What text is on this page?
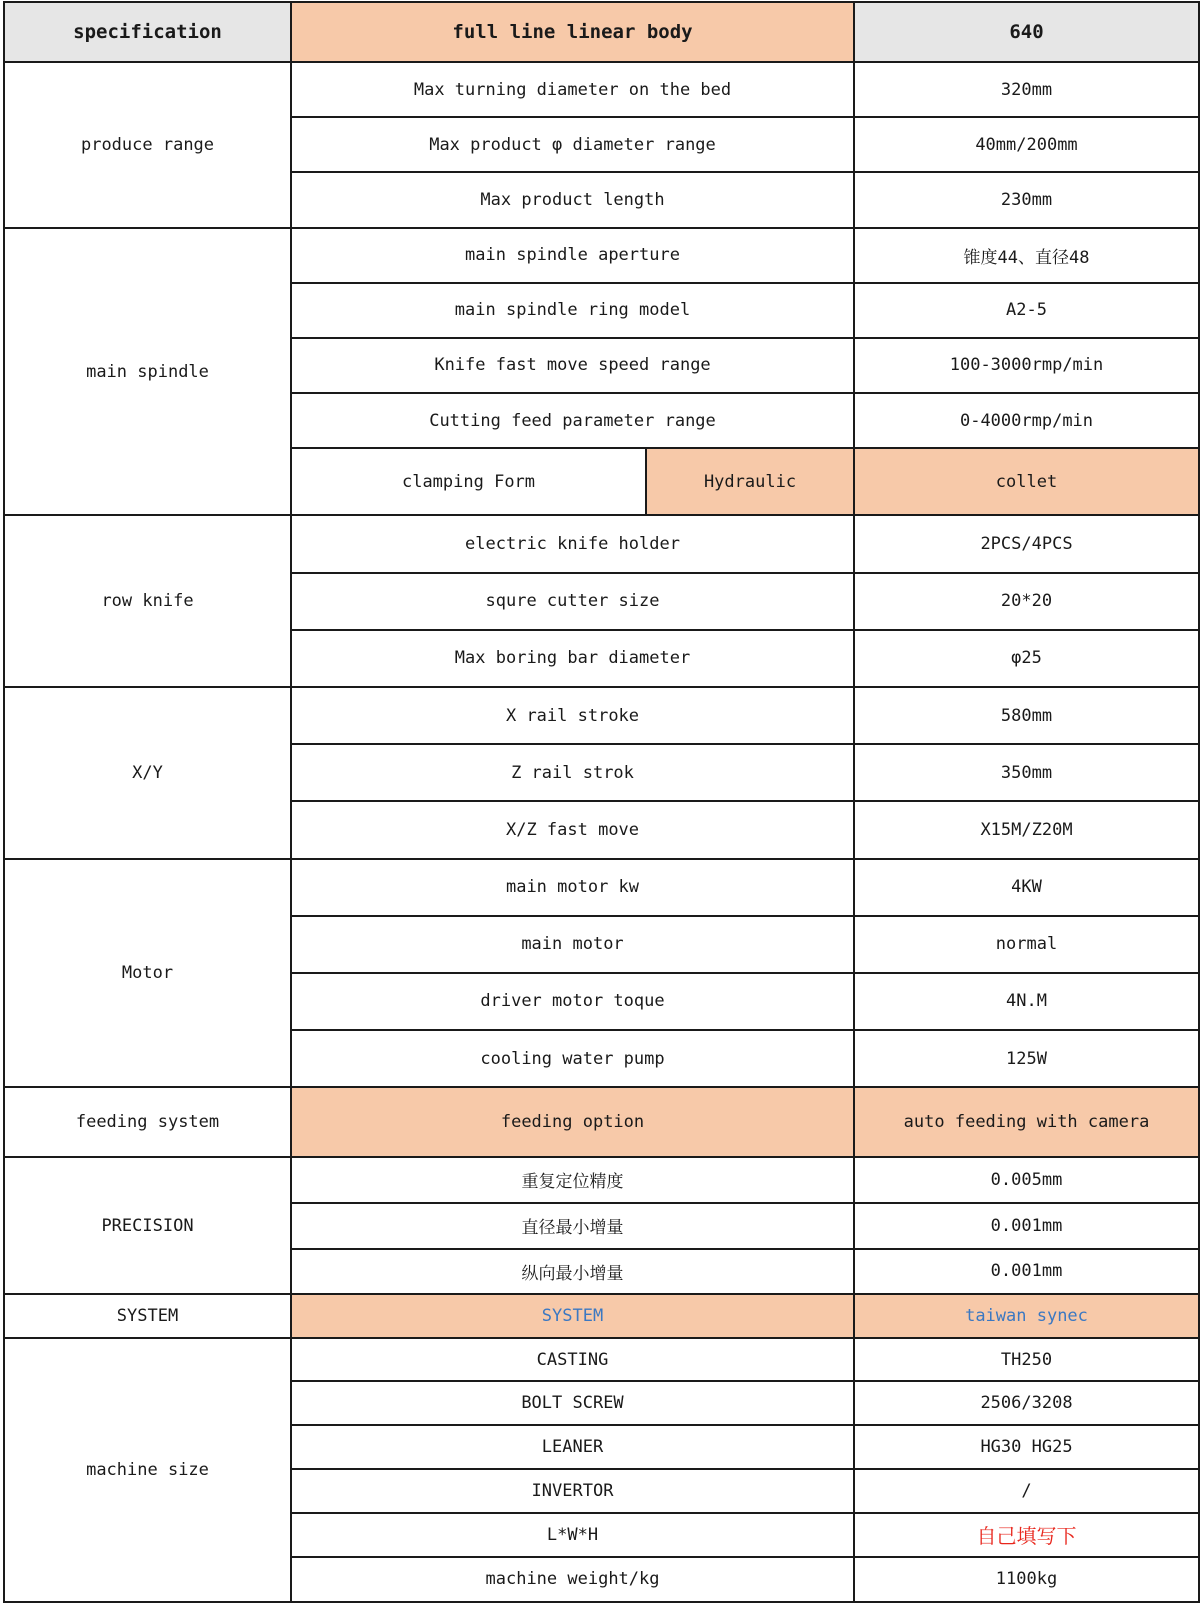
specification	full line linear body		640
produce range	Max turning diameter on the bed		320mm
	Max product φ diameter range		40mm/200mm
	Max product length		230mm
main spindle	main spindle aperture		锥度44、直径48
	main spindle ring model		A2-5
	Knife fast move speed range		100-3000rmp/min
	Cutting feed parameter range		0-4000rmp/min
	clamping Form	Hydraulic	collet
row knife	electric knife holder		2PCS/4PCS
	squre cutter size		20*20
	Max boring bar diameter		φ25
X/Y	X rail stroke		580mm
	Z rail strok		350mm
	X/Z fast move		X15M/Z20M
Motor	main motor kw		4KW
	main motor		normal
	driver motor toque		4N.M
	cooling water pump		125W
feeding system	feeding option		auto feeding with camera
PRECISION	重复定位精度		0.005mm
	直径最小增量		0.001mm
	纵向最小增量		0.001mm
SYSTEM	SYSTEM		taiwan synec
machine size	CASTING		TH250
	BOLT SCREW		2506/3208
	LEANER		HG30 HG25
	INVERTOR		/
	L*W*H		自己填写下
	machine weight/kg		1100kg
